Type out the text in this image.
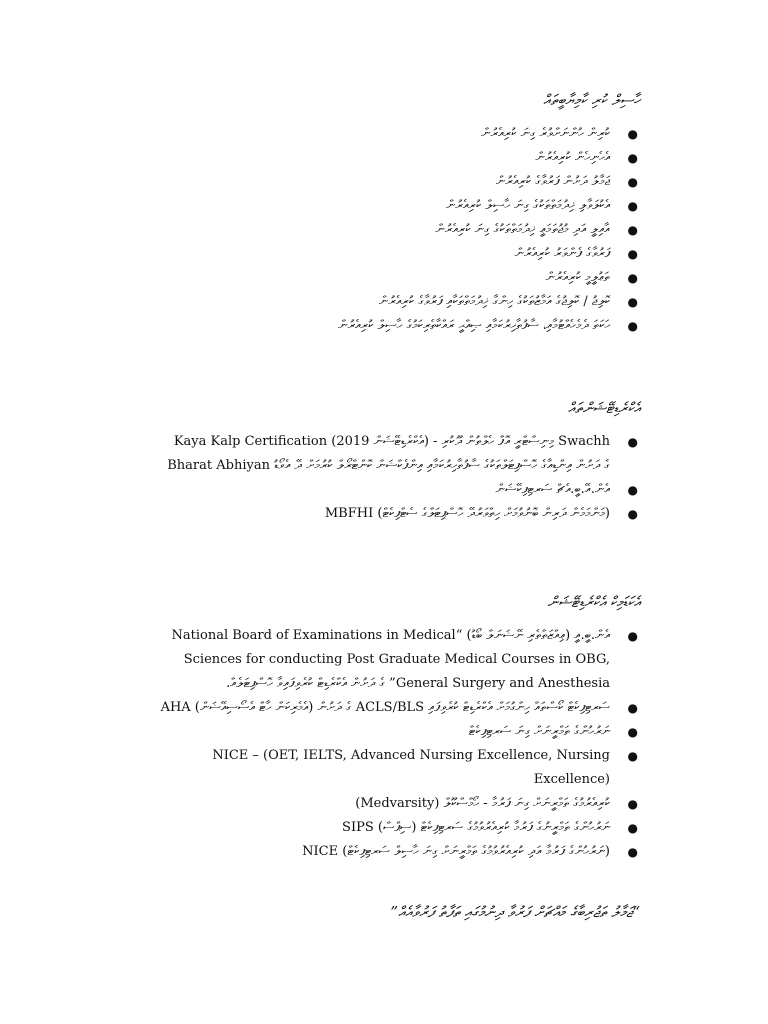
ހާސިލް ކުރި ކާމިޔާބީތައް
●
ކުރިން ހުންނަށްވުރެ ގިނަ ކުރިއެރުން
●
އެހެނިހެން ކުރިއެރުން
●
ޖަމާލު ދަށުން ފަރުވާގެ ކުރިއެރުން
●
އެކުލަވާލި ޚިދުމަތްތަކުގެ ގިނަ ހާސިލް ކުރިއެރުން
●
އާއިލީ އަދި މުޖުތަމަޢީ ޚިދުމަތްތަކުގެ ގިނަ ކުރިއެރުން
●
ފަރުވާގެ ފެންވަރު ކުރިއެރުން
●
ތަޢުލީމީ ކުރިއެރުން
●
ކޮލިޖު / ކޮލިޖުގެ އަމާޒުތަކުގެ ހިންގާ ޚިދުމަތްތަކާއި ފަރުވާގެ ކުރިއެރުން
●
ހަކަތަ ދެމެހެއްޓުމާއި، ސާފުތާހިރުކަމާއި ޞިއްޙީ ރައްކާތެރިކަމުގެ ހާސިލް ކުރިއެރުން
އެކްރެޑިޓޭޝަންތައް
●
Kaya Kalp Certification (އެކްރެޑިޓޭޝަން 2019) - މިނިސްޓްރީ އޮފް ހެލްތުން ދޫކުރި Swachh Bharat Abhiyan ގެ ދަށުން އިންޑިއާގެ ހޮސްޕިޓަލްތަކުގެ ސާފުތާހިރުކަމާއި އިންފެކްޝަން ކޮންޓްރޯލް ކުރުމަށް ދޭ އެވޯޑު
●
އެން.އޭ.ބީ.އެޗް ސަރޓިފިކޭޝަން
●
MBFHI (މަންމަމެން ދަރިން ބޮނުވުމަށް ހިތްވަރުދޭ ހޮސްޕިޓަލްގެ ސެޓްފިކެޓް)
އެކަޑަމިކް އެކްރެޑިޓޭޝަން
●
އެން.ބީ.އީ (ޢިއްޒަތްތެރި ނޭޝަނަލް ބޯޑު) “National Board of Examinations in Medical Sciences for conducting Post Graduate Medical Courses in OBG, General Surgery and Anesthesia” ގެ ދަށުން އެކްރެޑިޓް ކުރެވިފައިވާ ހޮސްޕިޓަލެއް.
●
AHA (އެމެރިކަން ހާޓް އެސޯސިއޭޝަން) ގެ ދަށުން ACLS/BLS ސަރޓިފިކެޓް ކޯސްތައް ހިންގުމަށް އެކްރެޑިޓް ކުރެވިފައި
●
ނަރުހުންގެ ތަމްރީނަށް ގިނަ ސަރޓިފިކެޓް
●
NICE – (OET, IELTS, Advanced Nursing Excellence, Nursing Excellence)
●
ކުރިއެރުމުގެ ތަމްރީނަށް ގިނަ ފަރުމާ - ހޯމްސްކޫލް (Medvarsity)
●
SIPS (ސިޕްސް) ނަރުހުންގެ ތަމްރީނުގެ ފަރުމާ ކުރިއެރުވުމުގެ ސަރޓިފިކެޓް
●
NICE (ނަރުހުންގެ ފަރުމާ އަދި ކުރިއެރުވުމުގެ ތަމްރީނަށް ގިނަ ހާސިލް ސަރޓިފިކެޓް)
“ޖަމާލު ތަޖުރިބާގެ މައްޗަށް ފަރުވާ ދިނުމުގައި ތަފާތު ފަރުވާއެއް”
